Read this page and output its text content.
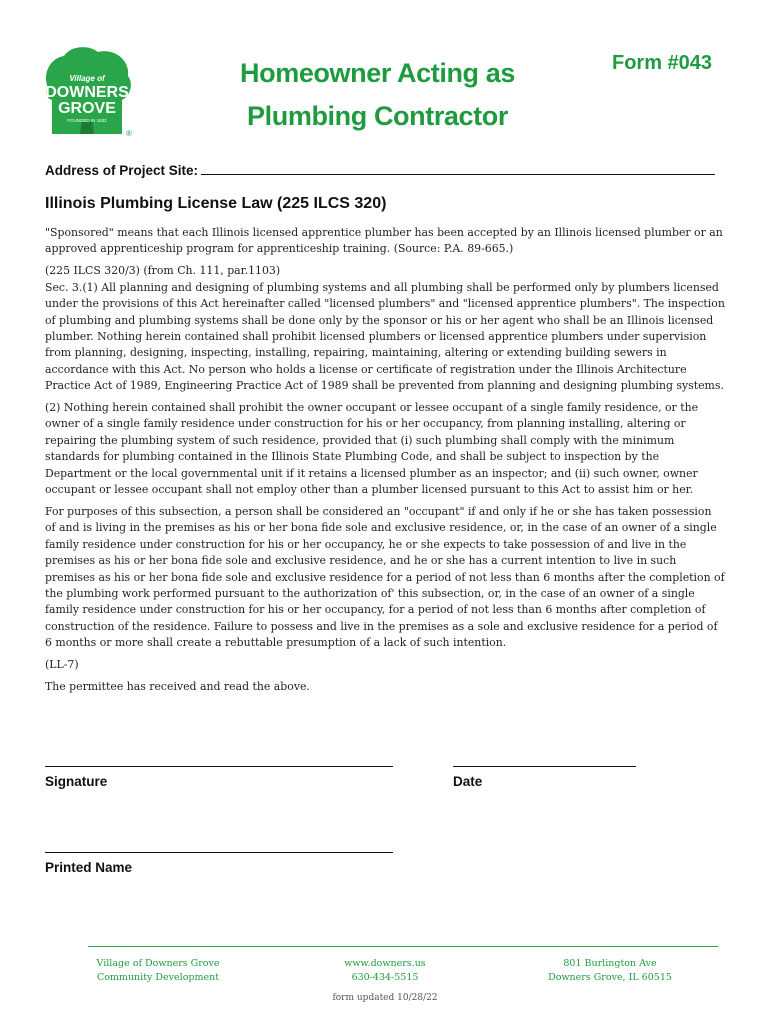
Village of
DOWNERS
GROVE
FOUNDED IN 1832
®
Homeowner Acting as
Plumbing Contractor
Form #043
Address of Project Site:
Illinois Plumbing License Law (225 ILCS 320)

"Sponsored" means that each Illinois licensed apprentice plumber has been accepted by an Illinois licensed plumber or an approved apprenticeship program for apprenticeship training. (Source: P.A. 89-665.)

(225 ILCS 320/3) (from Ch. 111, par.1103)

Sec. 3.(1) All planning and designing of plumbing systems and all plumbing shall be performed only by plumbers licensed under the provisions of this Act hereinafter called "licensed plumbers" and "licensed apprentice plumbers". The inspection of plumbing and plumbing systems shall be done only by the sponsor or his or her agent who shall be an Illinois licensed plumber. Nothing herein contained shall prohibit licensed plumbers or licensed apprentice plumbers under supervision from planning, designing, inspecting, installing, repairing, maintaining, altering or extending building sewers in accordance with this Act. No person who holds a license or certificate of registration under the Illinois Architecture Practice Act of 1989, Engineering Practice Act of 1989 shall be prevented from planning and designing plumbing systems.

(2) Nothing herein contained shall prohibit the owner occupant or lessee occupant of a single family residence, or the owner of a single family residence under construction for his or her occupancy, from planning installing, altering or repairing the plumbing system of such residence, provided that (i) such plumbing shall comply with the minimum standards for plumbing contained in the Illinois State Plumbing Code, and shall be subject to inspection by the Department or the local governmental unit if it retains a licensed plumber as an inspector; and (ii) such owner, owner occupant or lessee occupant shall not employ other than a plumber licensed pursuant to this Act to assist him or her.

For purposes of this subsection, a person shall be considered an "occupant" if and only if he or she has taken possession of and is living in the premises as his or her bona fide sole and exclusive residence, or, in the case of an owner of a single family residence under construction for his or her occupancy, he or she expects to take possession of and live in the premises as his or her bona fide sole and exclusive residence, and he or she has a current intention to live in such premises as his or her bona fide sole and exclusive residence for a period of not less than 6 months after the completion of the plumbing work performed pursuant to the authorization of' this subsection, or, in the case of an owner of a single family residence under construction for his or her occupancy, for a period of not less than 6 months after completion of construction of the residence. Failure to possess and live in the premises as a sole and exclusive residence for a period of 6 months or more shall create a rebuttable presumption of a lack of such intention.

(LL-7)

The permittee has received and read the above.

Signature	Date
Printed Name
Village of Downers Grove
Community Development
www.downers.us
630-434-5515
801 Burlington Ave
Downers Grove, IL 60515
form updated 10/28/22
